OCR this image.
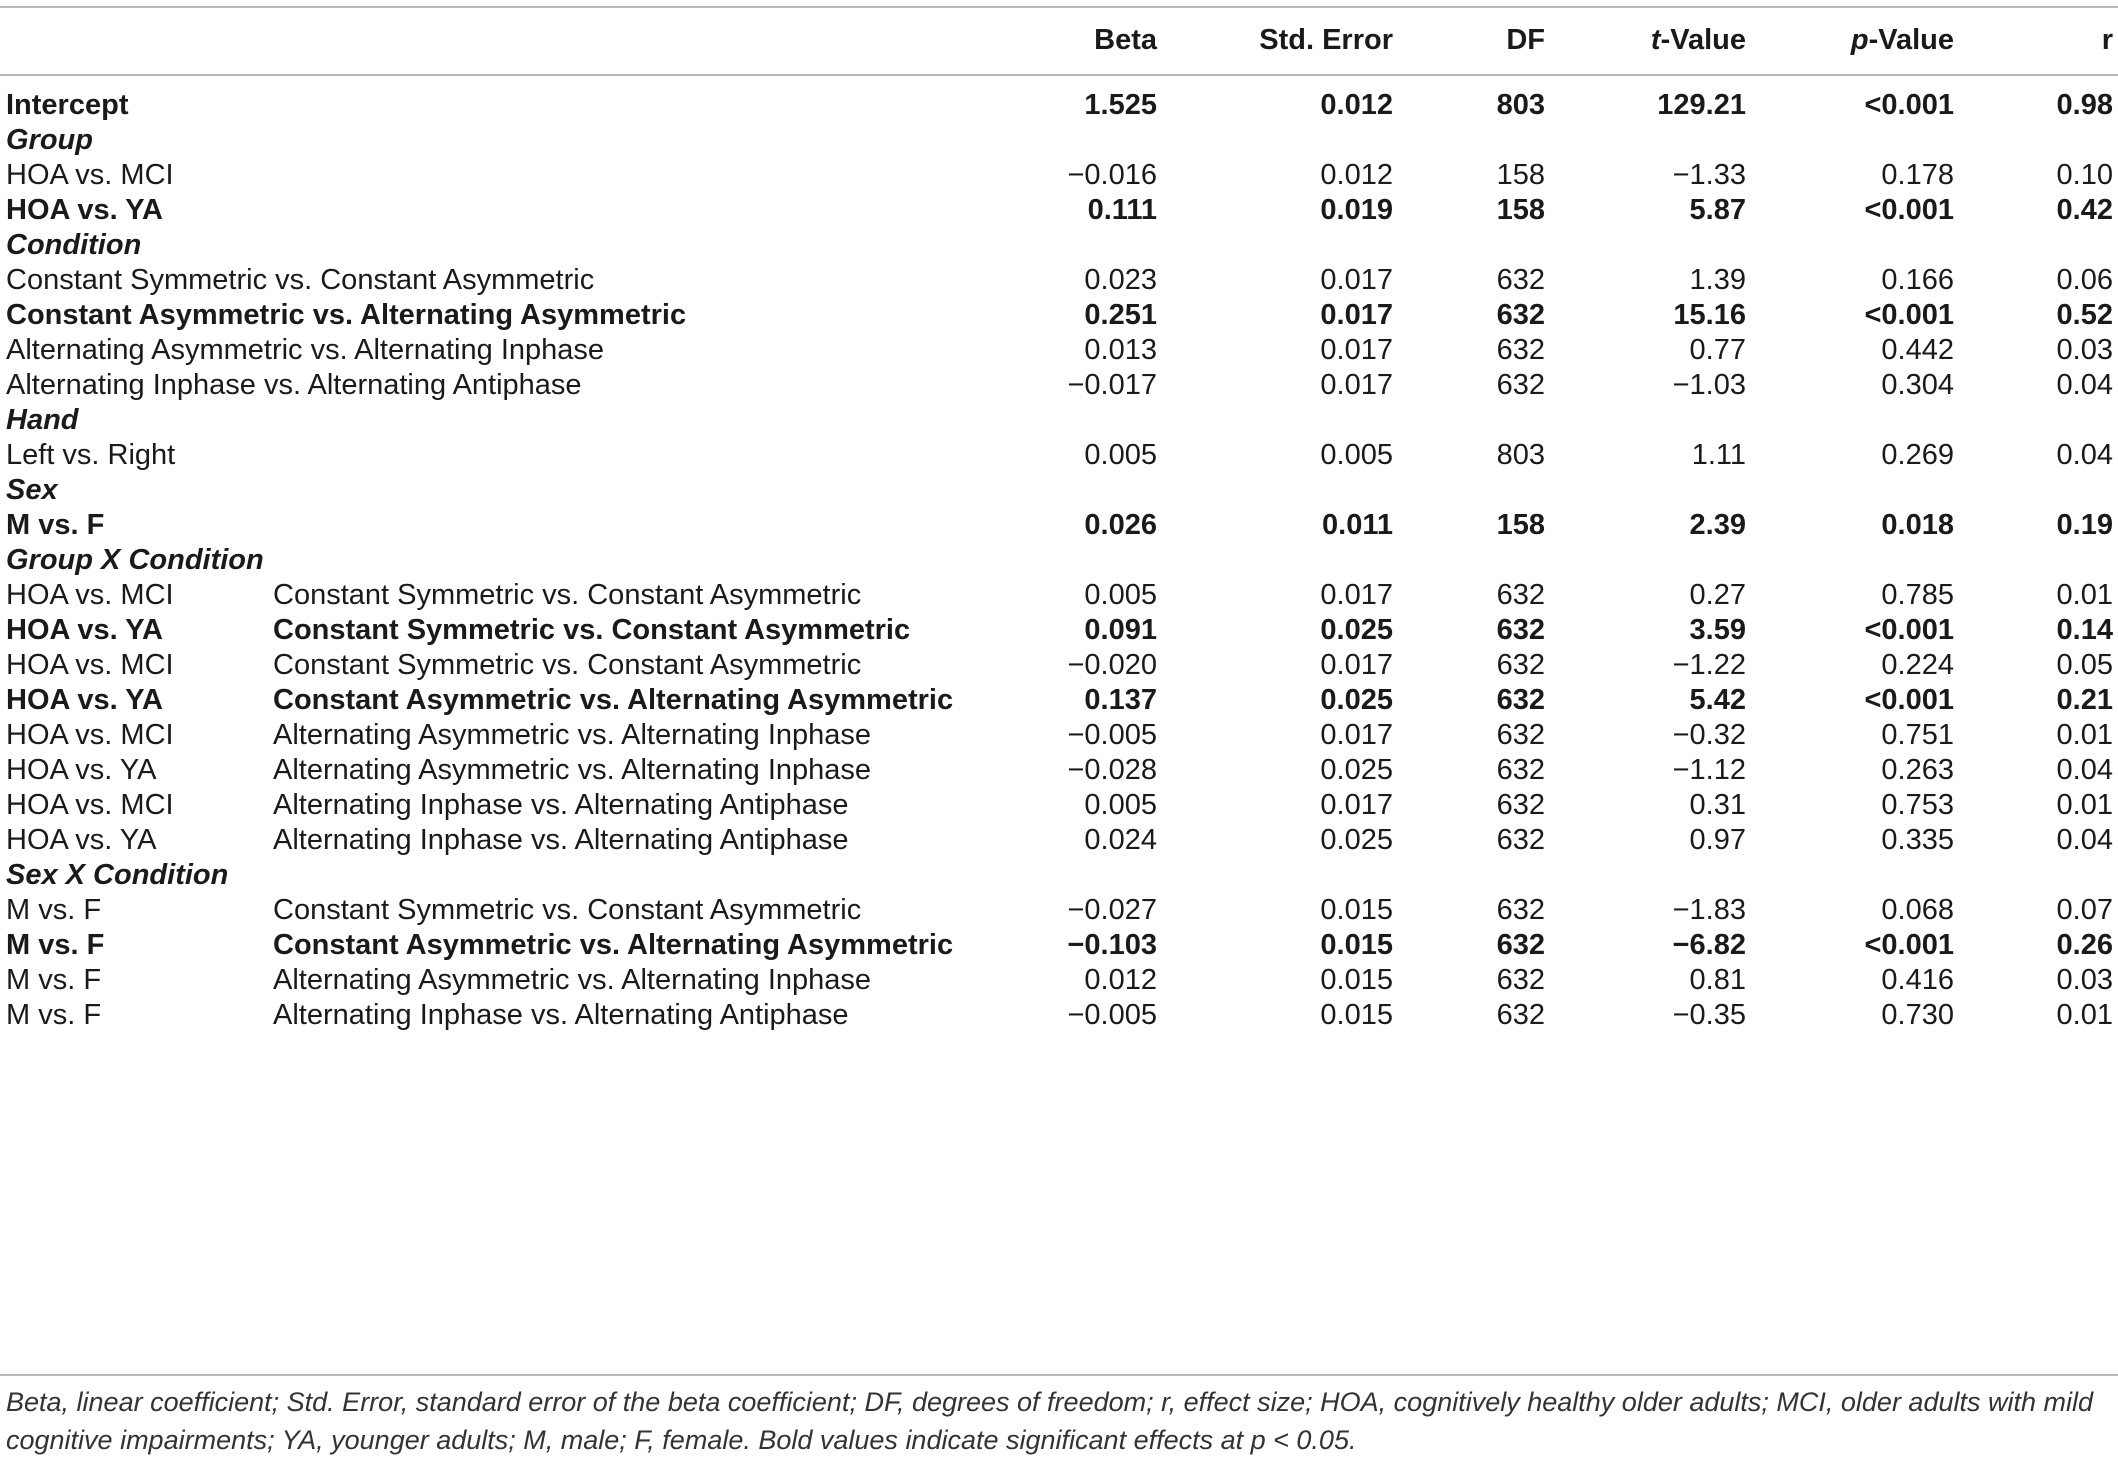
Beta	Std. Error	DF	t-Value	p-Value	r
Intercept	1.525	0.012	803	129.21	<0.001	0.98
Group
HOA vs. MCI	−0.016	0.012	158	−1.33	0.178	0.10
HOA vs. YA	0.111	0.019	158	5.87	<0.001	0.42
Condition
Constant Symmetric vs. Constant Asymmetric	0.023	0.017	632	1.39	0.166	0.06
Constant Asymmetric vs. Alternating Asymmetric	0.251	0.017	632	15.16	<0.001	0.52
Alternating Asymmetric vs. Alternating Inphase	0.013	0.017	632	0.77	0.442	0.03
Alternating Inphase vs. Alternating Antiphase	−0.017	0.017	632	−1.03	0.304	0.04
Hand
Left vs. Right	0.005	0.005	803	1.11	0.269	0.04
Sex
M vs. F	0.026	0.011	158	2.39	0.018	0.19
Group X Condition
HOA vs. MCI	Constant Symmetric vs. Constant Asymmetric	0.005	0.017	632	0.27	0.785	0.01
HOA vs. YA	Constant Symmetric vs. Constant Asymmetric	0.091	0.025	632	3.59	<0.001	0.14
HOA vs. MCI	Constant Symmetric vs. Constant Asymmetric	−0.020	0.017	632	−1.22	0.224	0.05
HOA vs. YA	Constant Asymmetric vs. Alternating Asymmetric	0.137	0.025	632	5.42	<0.001	0.21
HOA vs. MCI	Alternating Asymmetric vs. Alternating Inphase	−0.005	0.017	632	−0.32	0.751	0.01
HOA vs. YA	Alternating Asymmetric vs. Alternating Inphase	−0.028	0.025	632	−1.12	0.263	0.04
HOA vs. MCI	Alternating Inphase vs. Alternating Antiphase	0.005	0.017	632	0.31	0.753	0.01
HOA vs. YA	Alternating Inphase vs. Alternating Antiphase	0.024	0.025	632	0.97	0.335	0.04
Sex X Condition
M vs. F	Constant Symmetric vs. Constant Asymmetric	−0.027	0.015	632	−1.83	0.068	0.07
M vs. F	Constant Asymmetric vs. Alternating Asymmetric	−0.103	0.015	632	−6.82	<0.001	0.26
M vs. F	Alternating Asymmetric vs. Alternating Inphase	0.012	0.015	632	0.81	0.416	0.03
M vs. F	Alternating Inphase vs. Alternating Antiphase	−0.005	0.015	632	−0.35	0.730	0.01
Beta, linear coefficient; Std. Error, standard error of the beta coefficient; DF, degrees of freedom; r, effect size; HOA, cognitively healthy older adults; MCI, older adults with mild cognitive impairments; YA, younger adults; M, male; F, female. Bold values indicate significant effects at p < 0.05.
